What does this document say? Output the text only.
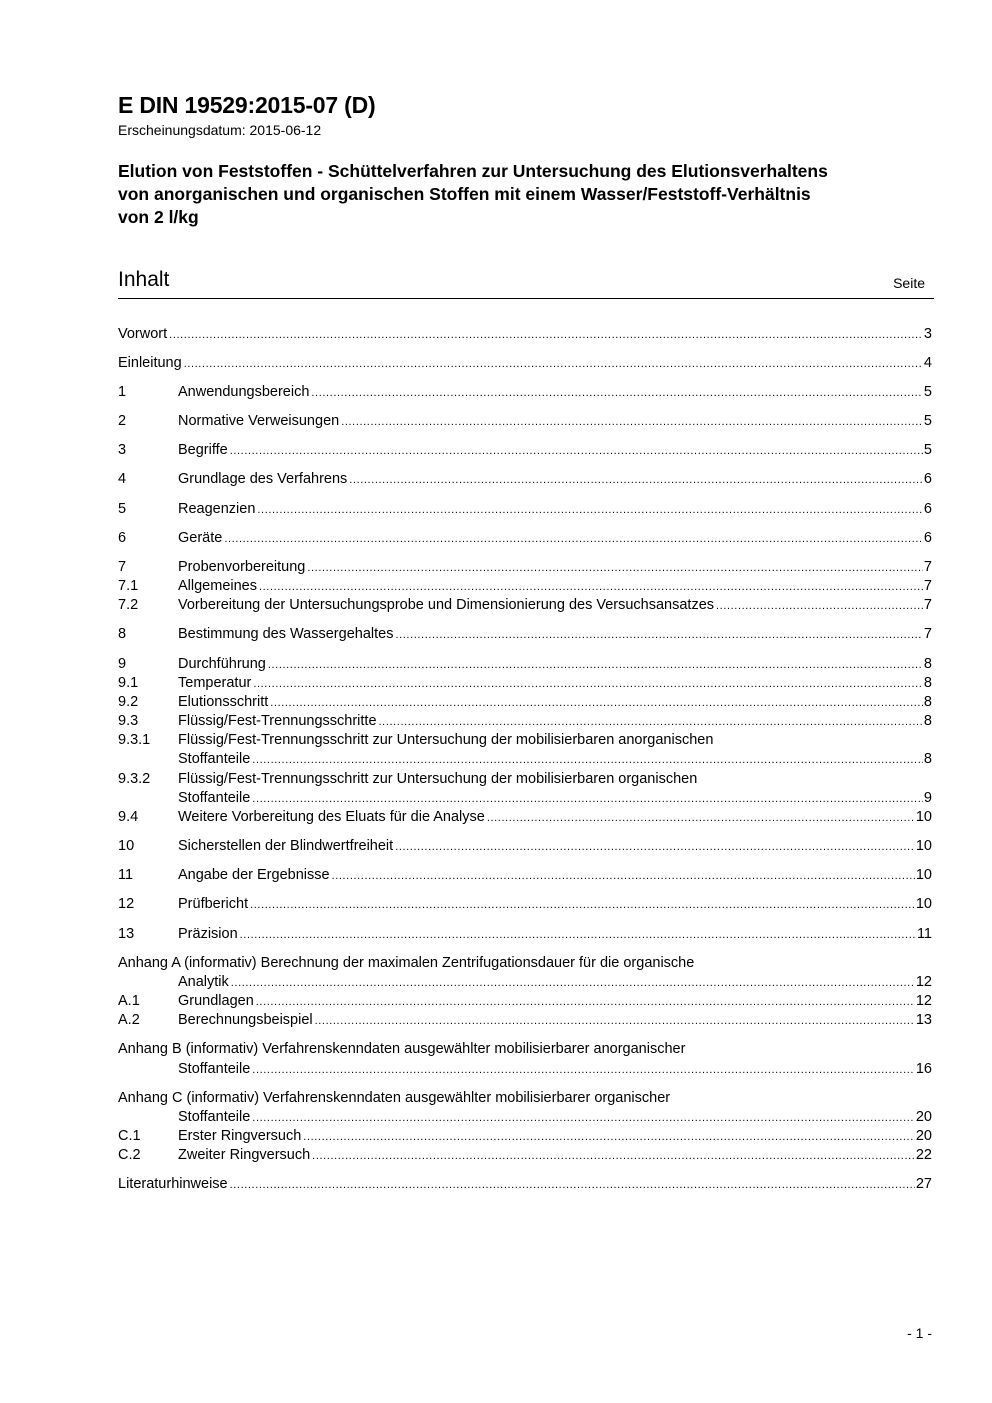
E DIN 19529:2015-07 (D)
Erscheinungsdatum: 2015-06-12
Elution von Feststoffen - Schüttelverfahren zur Untersuchung des Elutionsverhaltens
von anorganischen und organischen Stoffen mit einem Wasser/Feststoff-Verhältnis
von 2 l/kg
Inhalt	Seite
Vorwort .....	3
Einleitung .....	4
1	Anwendungsbereich .....	5
2	Normative Verweisungen .....	5
3	Begriffe .....	5
4	Grundlage des Verfahrens .....	6
5	Reagenzien .....	6
6	Geräte .....	6
7	Probenvorbereitung .....	7
7.1	Allgemeines .....	7
7.2	Vorbereitung der Untersuchungsprobe und Dimensionierung des Versuchsansatzes .....	7
8	Bestimmung des Wassergehaltes .....	7
9	Durchführung .....	8
9.1	Temperatur .....	8
9.2	Elutionsschritt .....	8
9.3	Flüssig/Fest-Trennungsschritte .....	8
9.3.1 Flüssig/Fest-Trennungsschritt zur Untersuchung der mobilisierbaren anorganischen
Stoffanteile .....	8
9.3.2 Flüssig/Fest-Trennungsschritt zur Untersuchung der mobilisierbaren organischen
Stoffanteile .....	9
9.4	Weitere Vorbereitung des Eluats für die Analyse .....	10
10	Sicherstellen der Blindwertfreiheit .....	10
11	Angabe der Ergebnisse .....	10
12	Prüfbericht .....	10
13	Präzision .....	11
Anhang A (informativ) Berechnung der maximalen Zentrifugationsdauer für die organische
Analytik .....	12
A.1	Grundlagen .....	12
A.2	Berechnungsbeispiel .....	13
Anhang B (informativ) Verfahrenskenndaten ausgewählter mobilisierbarer anorganischer
Stoffanteile .....	16
Anhang C (informativ) Verfahrenskenndaten ausgewählter mobilisierbarer organischer
Stoffanteile .....	20
C.1	Erster Ringversuch .....	20
C.2	Zweiter Ringversuch .....	22
Literaturhinweise .....	27
- 1 -
